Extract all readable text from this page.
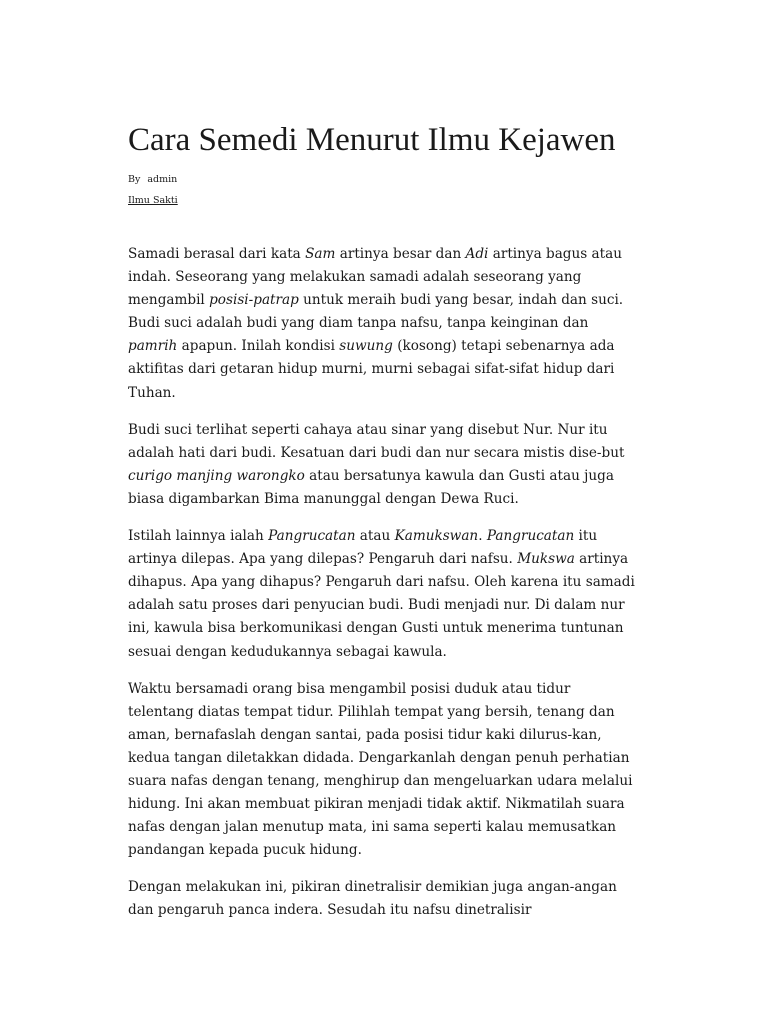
Cara Semedi Menurut Ilmu Kejawen
By admin
Ilmu Sakti

Samadi berasal dari kata Sam artinya besar dan Adi artinya bagus atau indah. Seseorang yang melakukan samadi adalah seseorang yang mengambil posisi-patrap untuk meraih budi yang besar, indah dan suci. Budi suci adalah budi yang diam tanpa nafsu, tanpa keinginan dan pamrih apapun. Inilah kondisi suwung (kosong) tetapi sebenarnya ada aktifitas dari getaran hidup murni, murni sebagai sifat-sifat hidup dari Tuhan.

Budi suci terlihat seperti cahaya atau sinar yang disebut Nur. Nur itu adalah hati dari budi. Kesatuan dari budi dan nur secara mistis dise-but curigo manjing warongko atau bersatunya kawula dan Gusti atau juga biasa digambarkan Bima manunggal dengan Dewa Ruci.

Istilah lainnya ialah Pangrucatan atau Kamukswan. Pangrucatan itu artinya dilepas. Apa yang dilepas? Pengaruh dari nafsu. Mukswa artinya dihapus. Apa yang dihapus? Pengaruh dari nafsu. Oleh karena itu samadi adalah satu proses dari penyucian budi. Budi menjadi nur. Di dalam nur ini, kawula bisa berkomunikasi dengan Gusti untuk menerima tuntunan sesuai dengan kedudukannya sebagai kawula.

Waktu bersamadi orang bisa mengambil posisi duduk atau tidur telentang diatas tempat tidur. Pilihlah tempat yang bersih, tenang dan aman, bernafaslah dengan santai, pada posisi tidur kaki dilurus-kan, kedua tangan diletakkan didada. Dengarkanlah dengan penuh perhatian suara nafas dengan tenang, menghirup dan mengeluarkan udara melalui hidung. Ini akan membuat pikiran menjadi tidak aktif. Nikmatilah suara nafas dengan jalan menutup mata, ini sama seperti kalau memusatkan pandangan kepada pucuk hidung.

Dengan melakukan ini, pikiran dinetralisir demikian juga angan-angan dan pengaruh panca indera. Sesudah itu nafsu dinetralisir
